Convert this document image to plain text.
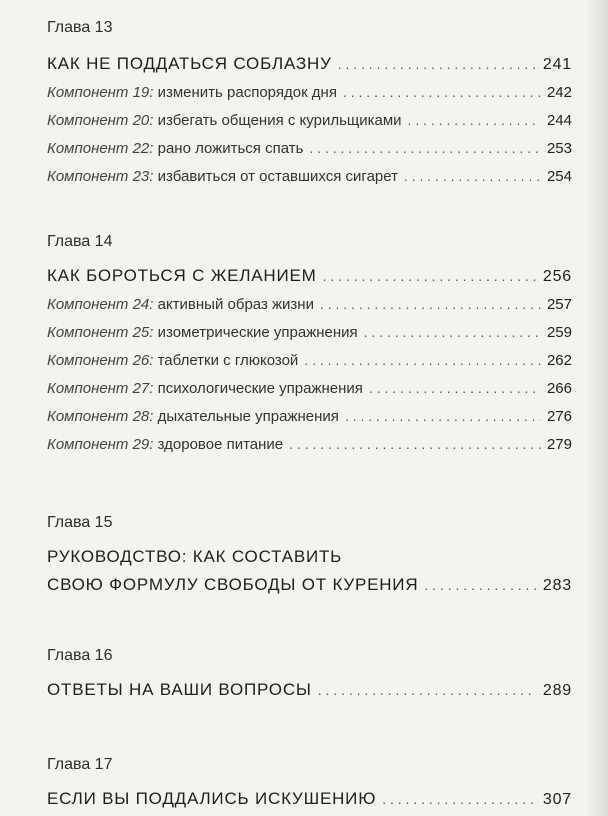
Глава 13
КАК НЕ ПОДДАТЬСЯ СОБЛАЗНУ . . .	241
Компонент 19: изменить распорядок дня . . .	242
Компонент 20: избегать общения с курильщиками . . .	244
Компонент 22: рано ложиться спать . . .	253
Компонент 23: избавиться от оставшихся сигарет . . .	254
Глава 14
КАК БОРОТЬСЯ С ЖЕЛАНИЕМ . . .	256
Компонент 24: активный образ жизни . . .	257
Компонент 25: изометрические упражнения . . .	259
Компонент 26: таблетки с глюкозой . . .	262
Компонент 27: психологические упражнения . . .	266
Компонент 28: дыхательные упражнения . . .	276
Компонент 29: здоровое питание . . .	279
Глава 15
РУКОВОДСТВО: КАК СОСТАВИТЬ
СВОЮ ФОРМУЛУ СВОБОДЫ ОТ КУРЕНИЯ . . .	283
Глава 16
ОТВЕТЫ НА ВАШИ ВОПРОСЫ . . .	289
Глава 17
ЕСЛИ ВЫ ПОДДАЛИСЬ ИСКУШЕНИЮ . . .	307
